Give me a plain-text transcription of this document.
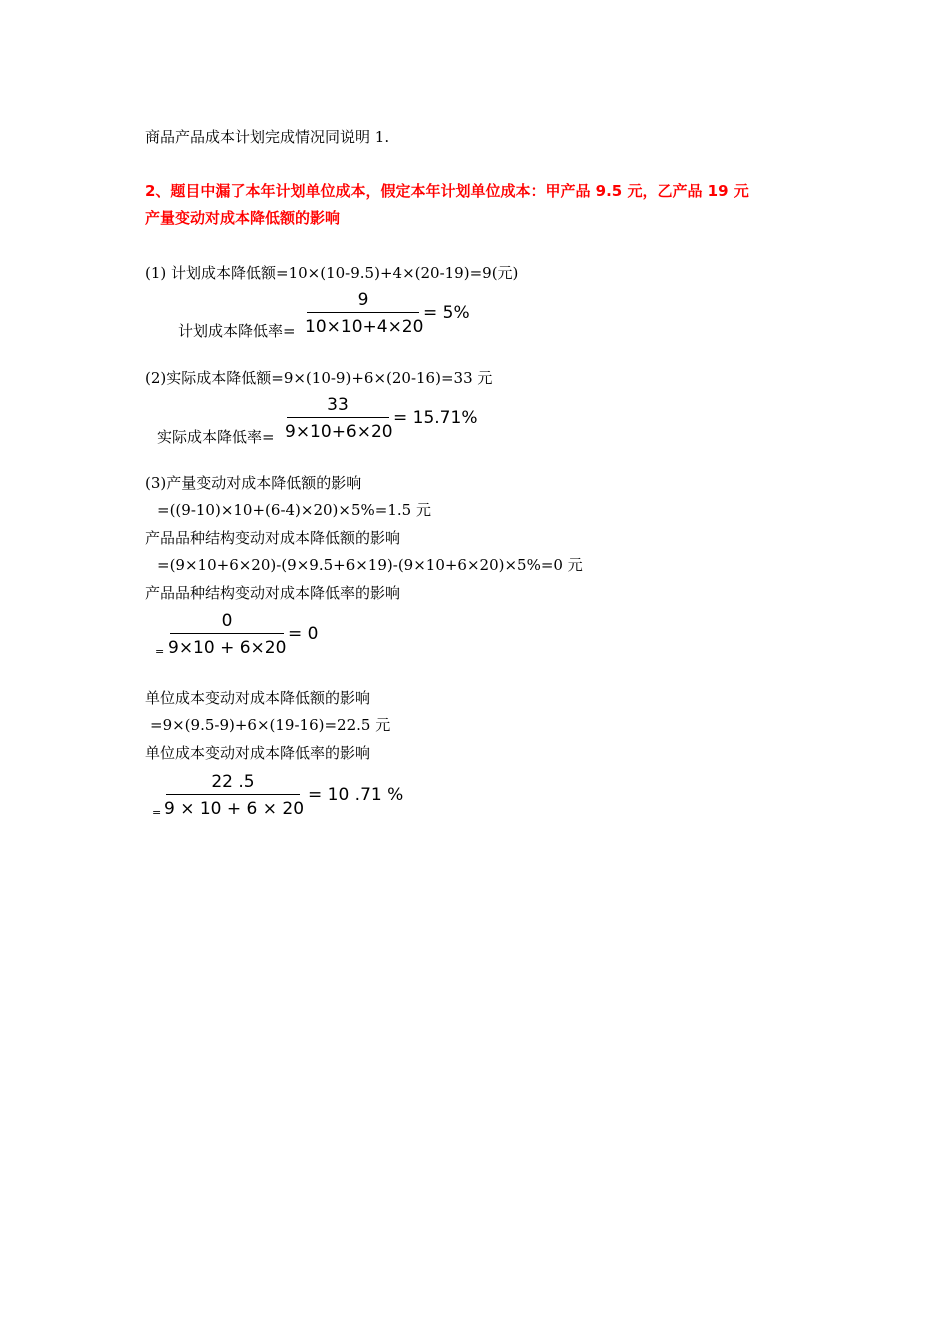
商品产品成本计划完成情况同说明 1.
2、题目中漏了本年计划单位成本，假定本年计划单位成本：甲产品 9.5 元，乙产品 19 元
产量变动对成本降低额的影响
(1) 计划成本降低额=10×(10-9.5)+4×(20-19)=9(元)
计划成本降低率=
9
10×10+4×20
= 5%
(2)实际成本降低额=9×(10-9)+6×(20-16)=33 元
实际成本降低率=
33
9×10+6×20
= 15.71%
(3)产量变动对成本降低额的影响
=((9-10)×10+(6-4)×20)×5%=1.5 元
产品品种结构变动对成本降低额的影响
=(9×10+6×20)-(9×9.5+6×19)-(9×10+6×20)×5%=0 元
产品品种结构变动对成本降低率的影响
=
0
9×10 + 6×20
= 0
单位成本变动对成本降低额的影响
=9×(9.5-9)+6×(19-16)=22.5 元
单位成本变动对成本降低率的影响
=
22 .5
9 × 10 + 6 × 20
= 10 .71 %
